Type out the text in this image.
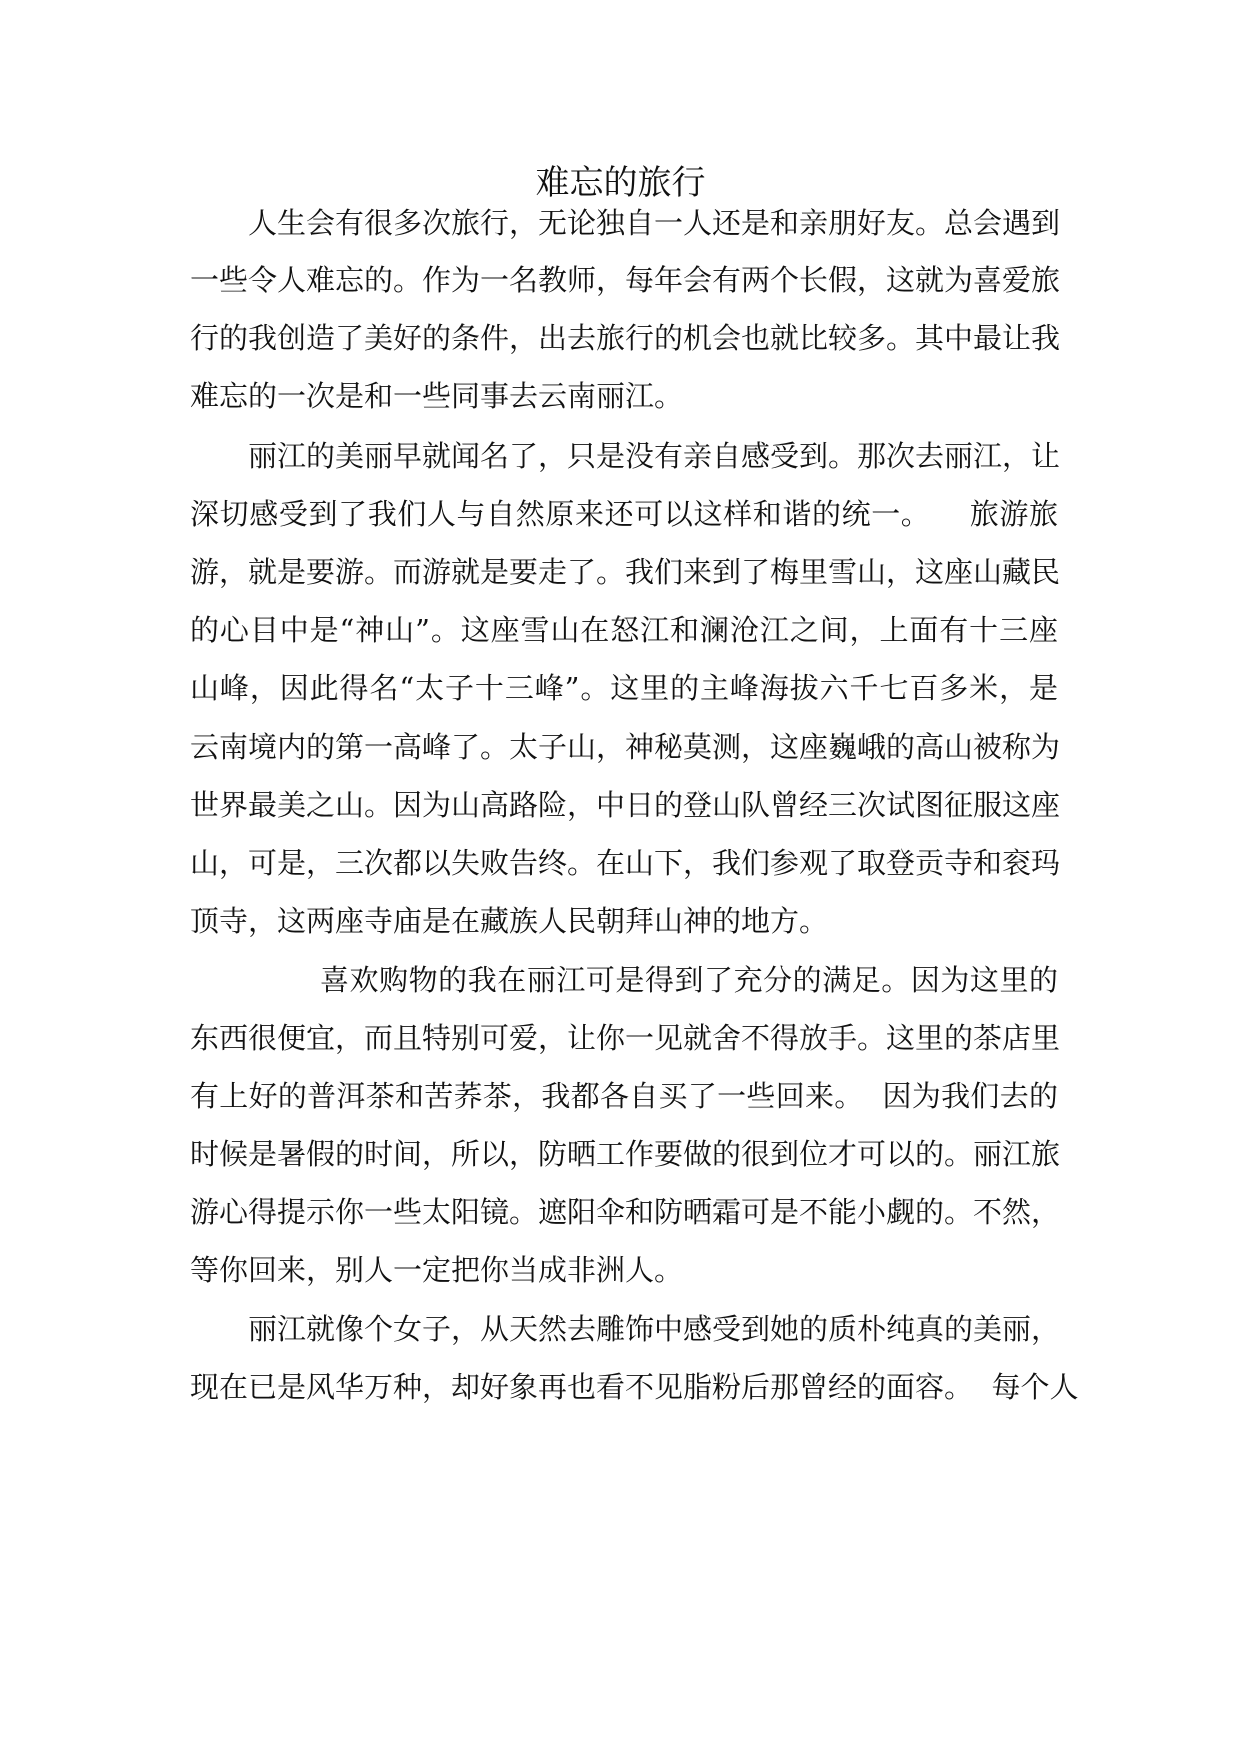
难忘的旅行
人生会有很多次旅行，无论独自一人还是和亲朋好友。总会遇到
一些令人难忘的。作为一名教师，每年会有两个长假，这就为喜爱旅
行的我创造了美好的条件，出去旅行的机会也就比较多。其中最让我
难忘的一次是和一些同事去云南丽江。
丽江的美丽早就闻名了，只是没有亲自感受到。那次去丽江，让
深切感受到了我们人与自然原来还可以这样和谐的统一。    旅游旅
游，就是要游。而游就是要走了。我们来到了梅里雪山，这座山藏民
的心目中是“神山”。这座雪山在怒江和澜沧江之间，上面有十三座
山峰，因此得名“太子十三峰”。这里的主峰海拔六千七百多米，是
云南境内的第一高峰了。太子山，神秘莫测，这座巍峨的高山被称为
世界最美之山。因为山高路险，中日的登山队曾经三次试图征服这座
山，可是，三次都以失败告终。在山下，我们参观了取登贡寺和衮玛
顶寺，这两座寺庙是在藏族人民朝拜山神的地方。
喜欢购物的我在丽江可是得到了充分的满足。因为这里的
东西很便宜，而且特别可爱，让你一见就舍不得放手。这里的茶店里
有上好的普洱茶和苦荞茶，我都各自买了一些回来。  因为我们去的
时候是暑假的时间，所以，防晒工作要做的很到位才可以的。丽江旅
游心得提示你一些太阳镜。遮阳伞和防晒霜可是不能小觑的。不然，
等你回来，别人一定把你当成非洲人。
丽江就像个女子，从天然去雕饰中感受到她的质朴纯真的美丽，
现在已是风华万种，却好象再也看不见脂粉后那曾经的面容。  每个人
